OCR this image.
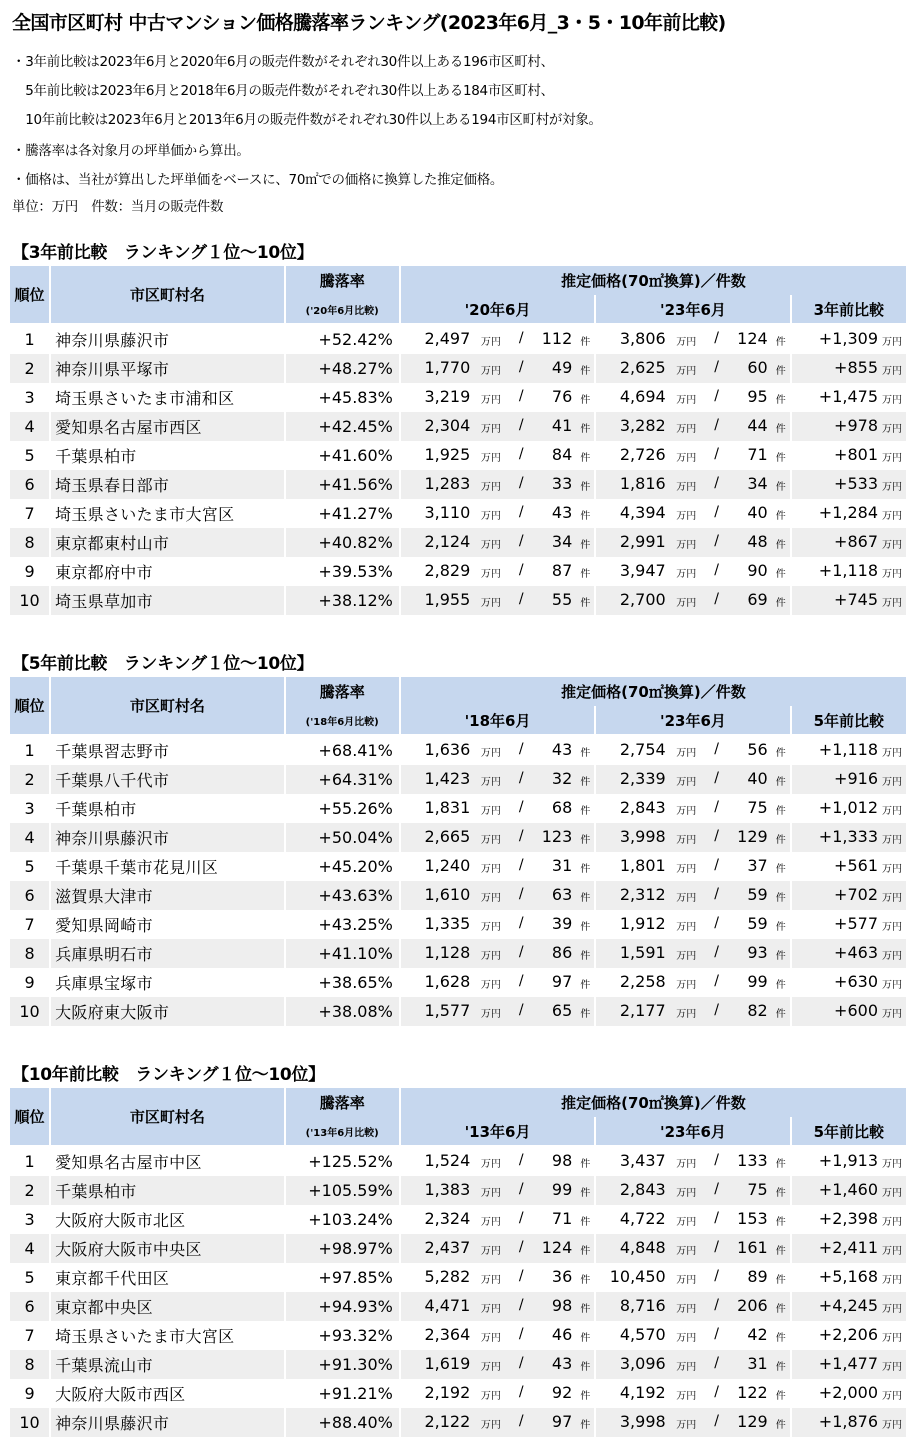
全国市区町村 中古マンション価格騰落率ランキング(2023年6月_3・5・10年前比較)
・3年前比較は2023年6月と2020年6月の販売件数がそれぞれ30件以上ある196市区町村、
　5年前比較は2023年6月と2018年6月の販売件数がそれぞれ30件以上ある184市区町村、
　10年前比較は2023年6月と2013年6月の販売件数がそれぞれ30件以上ある194市区町村が対象。
・騰落率は各対象月の坪単価から算出。
・価格は、当社が算出した坪単価をベースに、70㎡での価格に換算した推定価格。
単位：万円　件数：当月の販売件数
【3年前比較　ランキング１位～10位】
順位	市区町村名	騰落率	推定価格(70㎡換算)／件数		
		('20年6月比較)	'20年6月	'23年6月	3年前比較

1	神奈川県藤沢市	+52.42%	2,497 万円 / 112 件	3,806 万円 / 124 件	+1,309 万円

2	神奈川県平塚市	+48.27%	1,770 万円 / 49 件	2,625 万円 / 60 件	+855 万円

3	埼玉県さいたま市浦和区	+45.83%	3,219 万円 / 76 件	4,694 万円 / 95 件	+1,475 万円

4	愛知県名古屋市西区	+42.45%	2,304 万円 / 41 件	3,282 万円 / 44 件	+978 万円

5	千葉県柏市	+41.60%	1,925 万円 / 84 件	2,726 万円 / 71 件	+801 万円

6	埼玉県春日部市	+41.56%	1,283 万円 / 33 件	1,816 万円 / 34 件	+533 万円

7	埼玉県さいたま市大宮区	+41.27%	3,110 万円 / 43 件	4,394 万円 / 40 件	+1,284 万円

8	東京都東村山市	+40.82%	2,124 万円 / 34 件	2,991 万円 / 48 件	+867 万円

9	東京都府中市	+39.53%	2,829 万円 / 87 件	3,947 万円 / 90 件	+1,118 万円

10	埼玉県草加市	+38.12%	1,955 万円 / 55 件	2,700 万円 / 69 件	+745 万円
【5年前比較　ランキング１位～10位】
順位	市区町村名	騰落率	推定価格(70㎡換算)／件数		
		('18年6月比較)	'18年6月	'23年6月	5年前比較

1	千葉県習志野市	+68.41%	1,636 万円 / 43 件	2,754 万円 / 56 件	+1,118 万円

2	千葉県八千代市	+64.31%	1,423 万円 / 32 件	2,339 万円 / 40 件	+916 万円

3	千葉県柏市	+55.26%	1,831 万円 / 68 件	2,843 万円 / 75 件	+1,012 万円

4	神奈川県藤沢市	+50.04%	2,665 万円 / 123 件	3,998 万円 / 129 件	+1,333 万円

5	千葉県千葉市花見川区	+45.20%	1,240 万円 / 31 件	1,801 万円 / 37 件	+561 万円

6	滋賀県大津市	+43.63%	1,610 万円 / 63 件	2,312 万円 / 59 件	+702 万円

7	愛知県岡崎市	+43.25%	1,335 万円 / 39 件	1,912 万円 / 59 件	+577 万円

8	兵庫県明石市	+41.10%	1,128 万円 / 86 件	1,591 万円 / 93 件	+463 万円

9	兵庫県宝塚市	+38.65%	1,628 万円 / 97 件	2,258 万円 / 99 件	+630 万円

10	大阪府東大阪市	+38.08%	1,577 万円 / 65 件	2,177 万円 / 82 件	+600 万円
【10年前比較　ランキング１位～10位】
順位	市区町村名	騰落率	推定価格(70㎡換算)／件数		
		('13年6月比較)	'13年6月	'23年6月	5年前比較

1	愛知県名古屋市中区	+125.52%	1,524 万円 / 98 件	3,437 万円 / 133 件	+1,913 万円

2	千葉県柏市	+105.59%	1,383 万円 / 99 件	2,843 万円 / 75 件	+1,460 万円

3	大阪府大阪市北区	+103.24%	2,324 万円 / 71 件	4,722 万円 / 153 件	+2,398 万円

4	大阪府大阪市中央区	+98.97%	2,437 万円 / 124 件	4,848 万円 / 161 件	+2,411 万円

5	東京都千代田区	+97.85%	5,282 万円 / 36 件	10,450 万円 / 89 件	+5,168 万円

6	東京都中央区	+94.93%	4,471 万円 / 98 件	8,716 万円 / 206 件	+4,245 万円

7	埼玉県さいたま市大宮区	+93.32%	2,364 万円 / 46 件	4,570 万円 / 42 件	+2,206 万円

8	千葉県流山市	+91.30%	1,619 万円 / 43 件	3,096 万円 / 31 件	+1,477 万円

9	大阪府大阪市西区	+91.21%	2,192 万円 / 92 件	4,192 万円 / 122 件	+2,000 万円

10	神奈川県藤沢市	+88.40%	2,122 万円 / 97 件	3,998 万円 / 129 件	+1,876 万円
